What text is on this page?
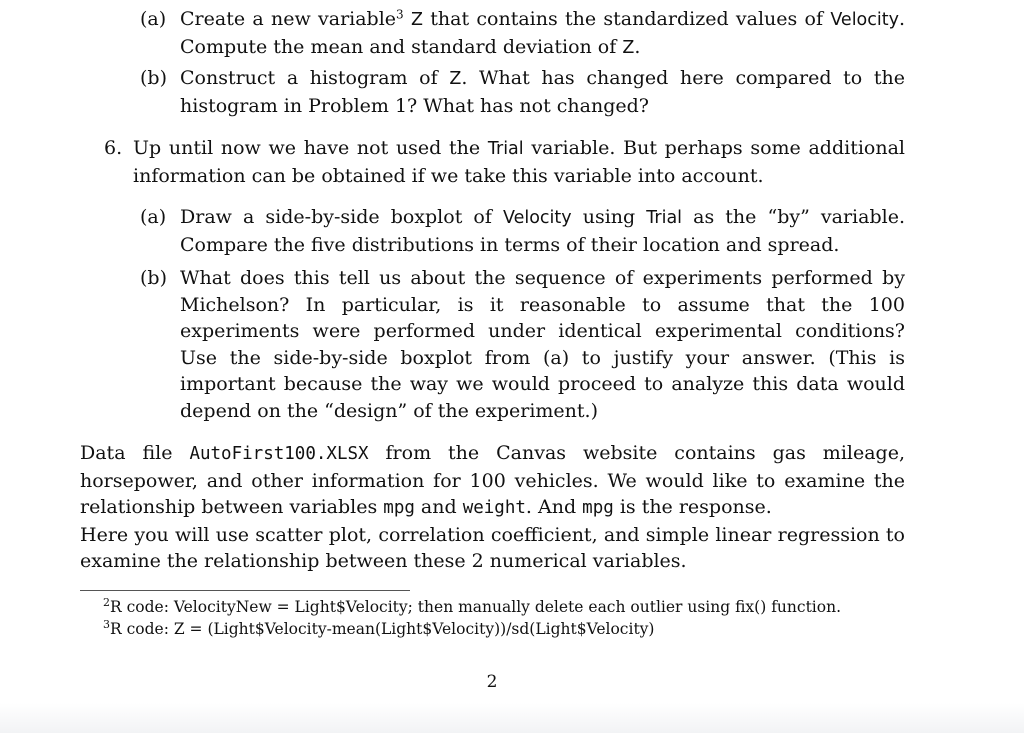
(a) Create a new variable$^3$ Z that contains the standardized values of Velocity. Compute the mean and standard deviation of Z.
(b) Construct a histogram of Z. What has changed here compared to the histogram in Problem 1? What has not changed?
6. Up until now we have not used the Trial variable. But perhaps some additional information can be obtained if we take this variable into account.
(a) Draw a side-by-side boxplot of Velocity using Trial as the “by” variable. Compare the five distributions in terms of their location and spread.
(b) What does this tell us about the sequence of experiments performed by Michelson? In particular, is it reasonable to assume that the 100 experiments were performed under identical experimental conditions? Use the side-by-side boxplot from (a) to justify your answer. (This is important because the way we would proceed to analyze this data would depend on the “design” of the experiment.)
Data file AutoFirst100.XLSX from the Canvas website contains gas mileage, horsepower, and other information for 100 vehicles. We would like to examine the relationship between variables mpg and weight. And mpg is the response.
Here you will use scatter plot, correlation coefficient, and simple linear regression to examine the relationship between these 2 numerical variables.
$^2$R code: VelocityNew = Light$Velocity; then manually delete each outlier using fix() function.
$^3$R code: Z = (Light$Velocity-mean(Light$Velocity))/sd(Light$Velocity)
2
